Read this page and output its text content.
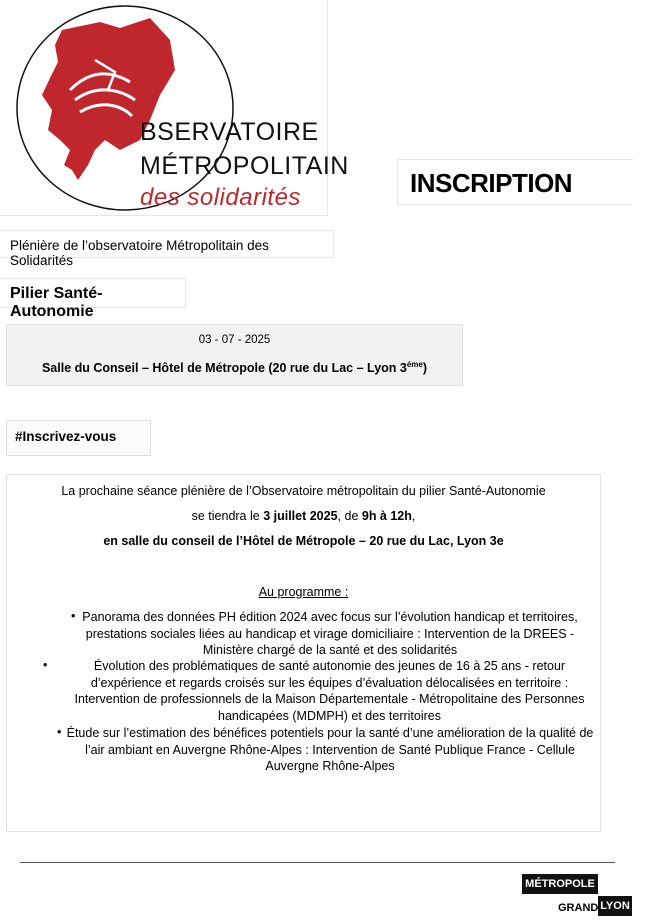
BSERVATOIRE
MÉTROPOLITAIN
des solidarités	INSCRIPTION
Plénière de l’observatoire Métropolitain des Solidarités
Pilier Santé-Autonomie
03 - 07 - 2025
Salle du Conseil – Hôtel de Métropole (20 rue du Lac – Lyon $3^{éme}$)
#Inscrivez-vous
La prochaine séance plénière de l’Observatoire métropolitain du pilier Santé-Autonomie
se tiendra le 3 juillet 2025, de 9h à 12h,
en salle du conseil de l’Hôtel de Métropole – 20 rue du Lac, Lyon 3e
Au programme :
• Panorama des données PH édition 2024 avec focus sur l’évolution handicap et territoires, prestations sociales liées au handicap et virage domiciliaire : Intervention de la DREES - Ministère chargé de la santé et des solidarités
•	Évolution des problématiques de santé autonomie des jeunes de 16 à 25 ans - retour d’expérience et regards croisés sur les équipes d’évaluation délocalisées en territoire : Intervention de professionnels de la Maison Départementale - Métropolitaine des Personnes handicapées (MDMPH) et des territoires
• Étude sur l’estimation des bénéfices potentiels pour la santé d’une amélioration de la qualité de l’air ambiant en Auvergne Rhône-Alpes : Intervention de Santé Publique France - Cellule Auvergne Rhône-Alpes
MÉTROPOLE
GRAND LYON
